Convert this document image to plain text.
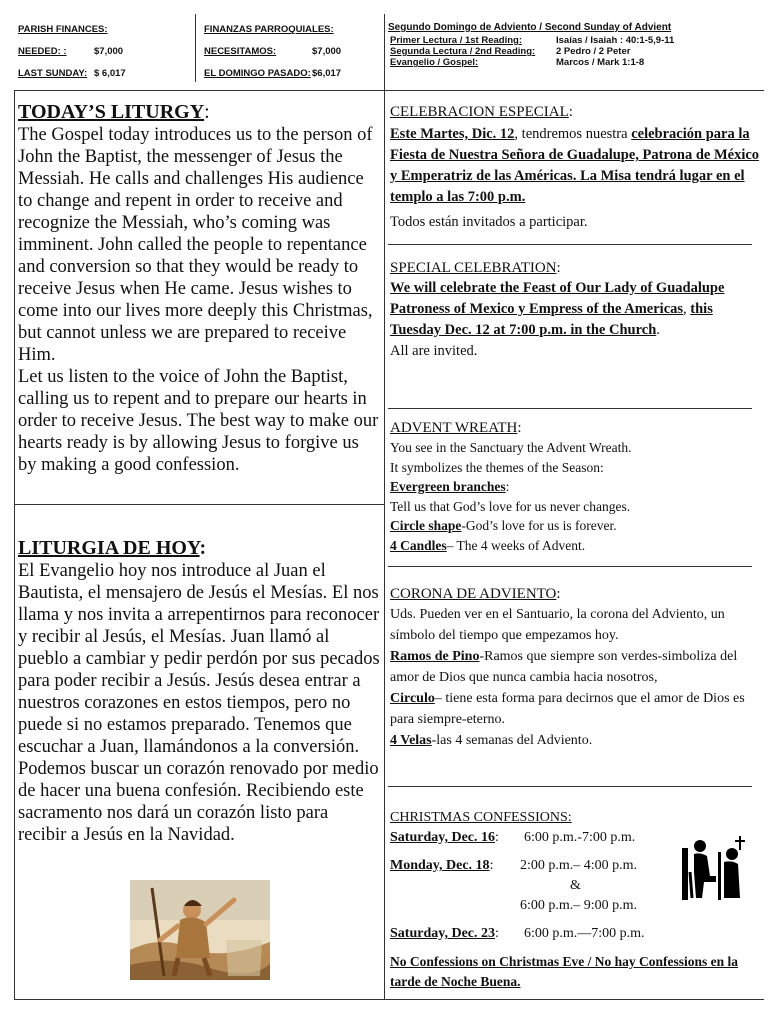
PARISH FINANCES:	FINANZAS PARROQUIALES:
NEEDED: :	$7,000	NECESITAMOS:	$7,000
LAST SUNDAY: $ 6,017	EL DOMINGO PASADO: $6,017
Segundo Domingo de Adviento / Second Sunday of Advient
Primer Lectura / 1st Reading:	Isaías / Isaiah : 40:1-5,9-11
Segunda Lectura / 2nd Reading: 2 Pedro / 2 Peter
Evangelio / Gospel:	Marcos / Mark 1:1-8
TODAY’S LITURGY:
The Gospel today introduces us to the person of John the Baptist, the messenger of Jesus the Messiah. He calls and challenges His audience to change and repent in order to receive and recognize the Messiah, who’s coming was imminent. John called the people to repentance and conversion so that they would be ready to receive Jesus when He came. Jesus wishes to come into our lives more deeply this Christmas, but cannot unless we are prepared to receive Him.
Let us listen to the voice of John the Baptist, calling us to repent and to prepare our hearts in order to receive Jesus. The best way to make our hearts ready is by allowing Jesus to forgive us by making a good confession.
LITURGIA DE HOY:
El Evangelio hoy nos introduce al Juan el Bautista, el mensajero de Jesús el Mesías. El nos llama y nos invita a arrepentirnos para reconocer y recibir al Jesús, el Mesías. Juan llamó al pueblo a cambiar y pedir perdón por sus pecados para poder recibir a Jesús. Jesús desea entrar a nuestros corazones en estos tiempos, pero no puede si no estamos preparado. Tenemos que escuchar a Juan, llamándonos a la conversión. Podemos buscar un corazón renovado por medio de hacer una buena confesión. Recibiendo este sacramento nos dará un corazón listo para recibir a Jesús en la Navidad.
CELEBRACION ESPECIAL:
Este Martes, Dic. 12, tendremos nuestra celebración para la Fiesta de Nuestra Señora de Guadalupe, Patrona de México y Emperatriz de las Américas. La Misa tendrá lugar en el templo a las 7:00 p.m.
Todos están invitados a participar.
SPECIAL CELEBRATION:
We will celebrate the Feast of Our Lady of Guadalupe Patroness of Mexico y Empress of the Americas, this Tuesday Dec. 12 at 7:00 p.m. in the Church.
All are invited.
ADVENT WREATH:
You see in the Sanctuary the Advent Wreath.
It symbolizes the themes of the Season:
Evergreen branches:
Tell us that God’s love for us never changes.
Circle shape-God’s love for us is forever.
4 Candles– The 4 weeks of Advent.
CORONA DE ADVIENTO:
Uds. Pueden ver en el Santuario, la corona del Adviento, un símbolo del tiempo que empezamos hoy.
Ramos de Pino-Ramos que siempre son verdes-simboliza del amor de Dios que nunca cambia hacia nosotros,
Circulo– tiene esta forma para decirnos que el amor de Dios es para siempre-eterno.
4 Velas-las 4 semanas del Adviento.
CHRISTMAS CONFESSIONS:
Saturday, Dec. 16: 6:00 p.m.-7:00 p.m.
Monday, Dec. 18: 2:00 p.m.– 4:00 p.m.
&
6:00 p.m.– 9:00 p.m.
Saturday, Dec. 23: 6:00 p.m.—7:00 p.m.
No Confessions on Christmas Eve / No hay Confessions en la tarde de Noche Buena.
